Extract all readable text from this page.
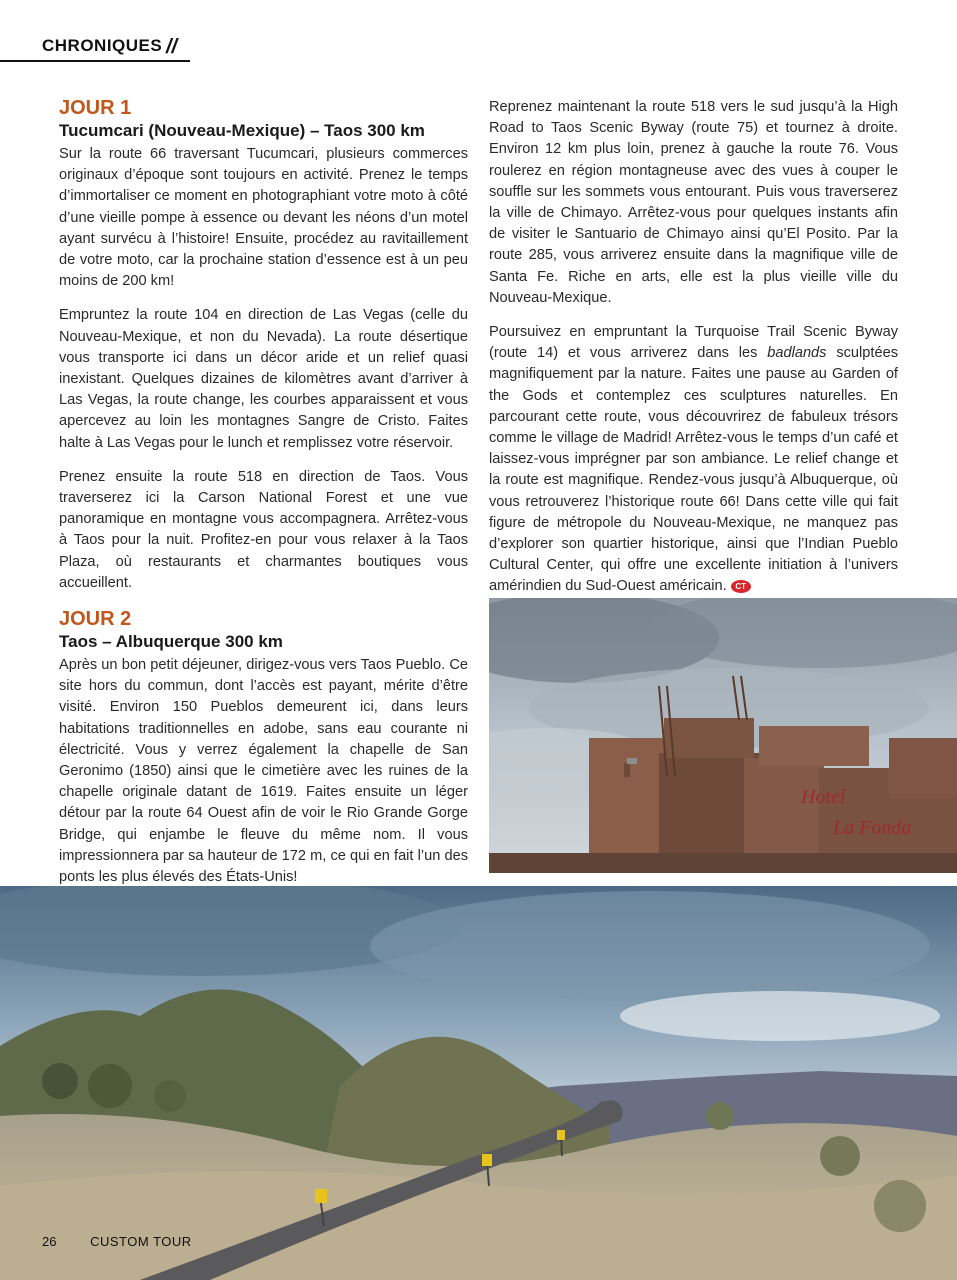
CHRONIQUES //
JOUR 1
Tucumcari (Nouveau-Mexique) – Taos 300 km

Sur la route 66 traversant Tucumcari, plusieurs commerces originaux d’époque sont toujours en activité. Prenez le temps d’immortaliser ce moment en photographiant votre moto à côté d’une vieille pompe à essence ou devant les néons d’un motel ayant survécu à l’histoire! Ensuite, procédez au ravitaillement de votre moto, car la prochaine station d’essence est à un peu moins de 200 km!

Empruntez la route 104 en direction de Las Vegas (celle du Nouveau-Mexique, et non du Nevada). La route désertique vous transporte ici dans un décor aride et un relief quasi inexistant. Quelques dizaines de kilomètres avant d’arriver à Las Vegas, la route change, les courbes apparaissent et vous apercevez au loin les montagnes Sangre de Cristo. Faites halte à Las Vegas pour le lunch et remplissez votre réservoir.

Prenez ensuite la route 518 en direction de Taos. Vous traverserez ici la Carson National Forest et une vue panoramique en montagne vous accompagnera. Arrêtez-vous à Taos pour la nuit. Profitez-en pour vous relaxer à la Taos Plaza, où restaurants et charmantes boutiques vous accueillent.

JOUR 2
Taos – Albuquerque 300 km

Après un bon petit déjeuner, dirigez-vous vers Taos Pueblo. Ce site hors du commun, dont l’accès est payant, mérite d’être visité. Environ 150 Pueblos demeurent ici, dans leurs habitations traditionnelles en adobe, sans eau courante ni électricité. Vous y verrez également la chapelle de San Geronimo (1850) ainsi que le cimetière avec les ruines de la chapelle originale datant de 1619. Faites ensuite un léger détour par la route 64 Ouest afin de voir le Rio Grande Gorge Bridge, qui enjambe le fleuve du même nom. Il vous impressionnera par sa hauteur de 172 m, ce qui en fait l’un des ponts les plus élevés des États-Unis!

Reprenez maintenant la route 518 vers le sud jusqu’à la High Road to Taos Scenic Byway (route 75) et tournez à droite. Environ 12 km plus loin, prenez à gauche la route 76. Vous roulerez en région montagneuse avec des vues à couper le souffle sur les sommets vous entourant. Puis vous traverserez la ville de Chimayo. Arrêtez-vous pour quelques instants afin de visiter le Santuario de Chimayo ainsi qu’El Posito. Par la route 285, vous arriverez ensuite dans la magnifique ville de Santa Fe. Riche en arts, elle est la plus vieille ville du Nouveau-Mexique.

Poursuivez en empruntant la Turquoise Trail Scenic Byway (route 14) et vous arriverez dans les badlands sculptées magnifiquement par la nature. Faites une pause au Garden of the Gods et contemplez ces sculptures naturelles. En parcourant cette route, vous découvrirez de fabuleux trésors comme le village de Madrid! Arrêtez-vous le temps d’un café et laissez-vous imprégner par son ambiance. Le relief change et la route est magnifique. Rendez-vous jusqu’à Albuquerque, où vous retrouverez l’historique route 66! Dans cette ville qui fait figure de métropole du Nouveau-Mexique, ne manquez pas d’explorer son quartier historique, ainsi que l’Indian Pueblo Cultural Center, qui offre une excellente initiation à l’univers amérindien du Sud-Ouest américain. CT

Hotel
La Fonda
26	CUSTOM TOUR
